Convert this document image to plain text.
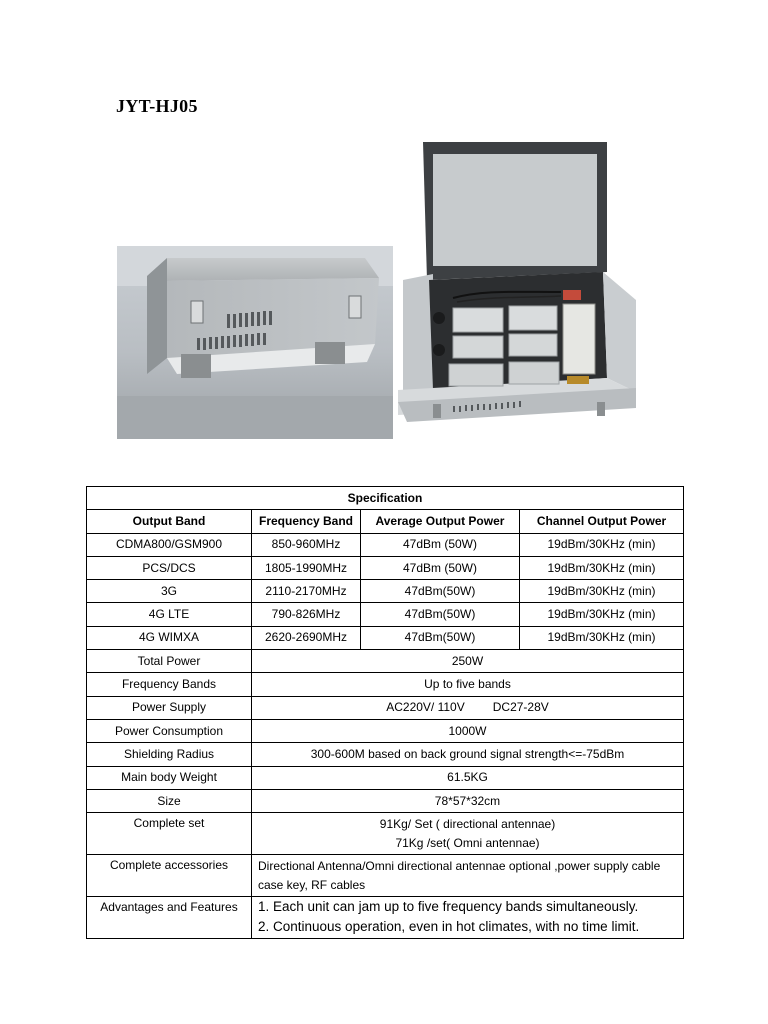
JYT-HJ05
Specification			
Output Band	Frequency Band	Average Output Power	Channel Output Power
CDMA800/GSM900	850-960MHz	47dBm (50W)	19dBm/30KHz (min)
PCS/DCS	1805-1990MHz	47dBm (50W)	19dBm/30KHz (min)
3G	2110-2170MHz	47dBm(50W)	19dBm/30KHz (min)
4G LTE	790-826MHz	47dBm(50W)	19dBm/30KHz (min)
4G WIMXA	2620-2690MHz	47dBm(50W)	19dBm/30KHz (min)
Total Power	250W		
Frequency Bands	Up to five bands		
Power Supply	AC220V/ 110V DC27-28V		
Power Consumption	1000W		
Shielding Radius	300-600M based on back ground signal strength<=-75dBm		
Main body Weight	61.5KG		
Size	78*57*32cm		
Complete set	91Kg/ Set ( directional antennae)
71Kg /set( Omni antennae)		

Complete accessories	Directional Antenna/Omni directional antennae optional ,power supply cable
case key, RF cables		

Advantages and Features	1. Each unit can jam up to five frequency bands simultaneously.
2. Continuous operation, even in hot climates, with no time limit.		
